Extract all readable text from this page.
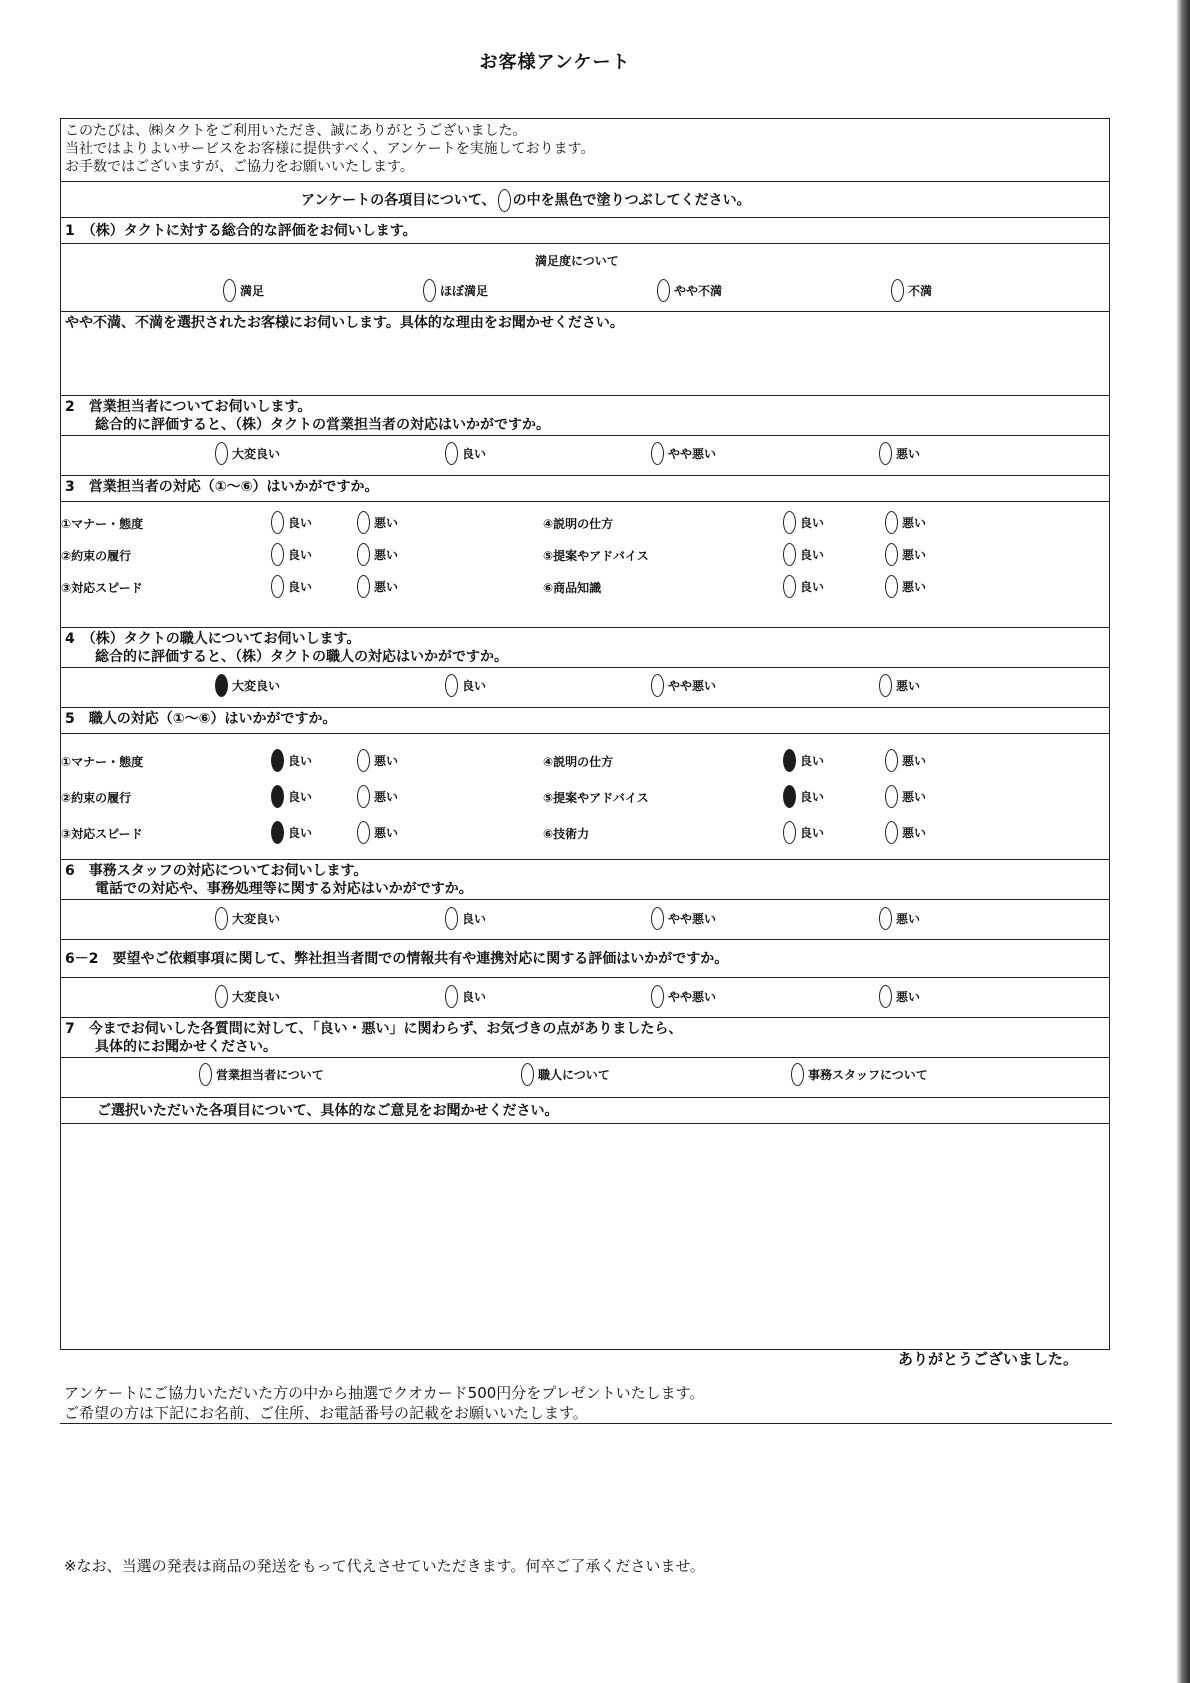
お客様アンケート
このたびは、㈱タクトをご利用いただき、誠にありがとうございました。
当社ではよりよいサービスをお客様に提供すべく、アンケートを実施しております。
お手数ではございますが、ご協力をお願いいたします。
アンケートの各項目について、 の中を黒色で塗りつぶしてください。
1　（株）タクトに対する総合的な評価をお伺いします。
満足度について
満足	ほぼ満足	やや不満	不満
やや不満、不満を選択されたお客様にお伺いします。具体的な理由をお聞かせください。
2　営業担当者についてお伺いします。
総合的に評価すると、（株）タクトの営業担当者の対応はいかがですか。
大変良い	良い	やや悪い	悪い
3　営業担当者の対応（①～⑥）はいかがですか。
①マナー・態度	良い	悪い	④説明の仕方	良い	悪い
②約束の履行	良い	悪い	⑤提案やアドバイス	良い	悪い
③対応スピード	良い	悪い	⑥商品知識	良い	悪い
4　（株）タクトの職人についてお伺いします。
総合的に評価すると、（株）タクトの職人の対応はいかがですか。
大変良い	良い	やや悪い	悪い
5　職人の対応（①～⑥）はいかがですか。
①マナー・態度	良い	悪い	④説明の仕方	良い	悪い
②約束の履行	良い	悪い	⑤提案やアドバイス	良い	悪い
③対応スピード	良い	悪い	⑥技術力	良い	悪い
6　事務スタッフの対応についてお伺いします。
電話での対応や、事務処理等に関する対応はいかがですか。
大変良い	良い	やや悪い	悪い
6－2　要望やご依頼事項に関して、弊社担当者間での情報共有や連携対応に関する評価はいかがですか。
大変良い	良い	やや悪い	悪い
7　今までお伺いした各質問に対して、「良い・悪い」に関わらず、お気づきの点がありましたら、
具体的にお聞かせください。
営業担当者について	職人について	事務スタッフについて
ご選択いただいた各項目について、具体的なご意見をお聞かせください。
ありがとうございました。
アンケートにご協力いただいた方の中から抽選でクオカード500円分をプレゼントいたします。
ご希望の方は下記にお名前、ご住所、お電話番号の記載をお願いいたします。
※なお、当選の発表は商品の発送をもって代えさせていただきます。何卒ご了承くださいませ。
